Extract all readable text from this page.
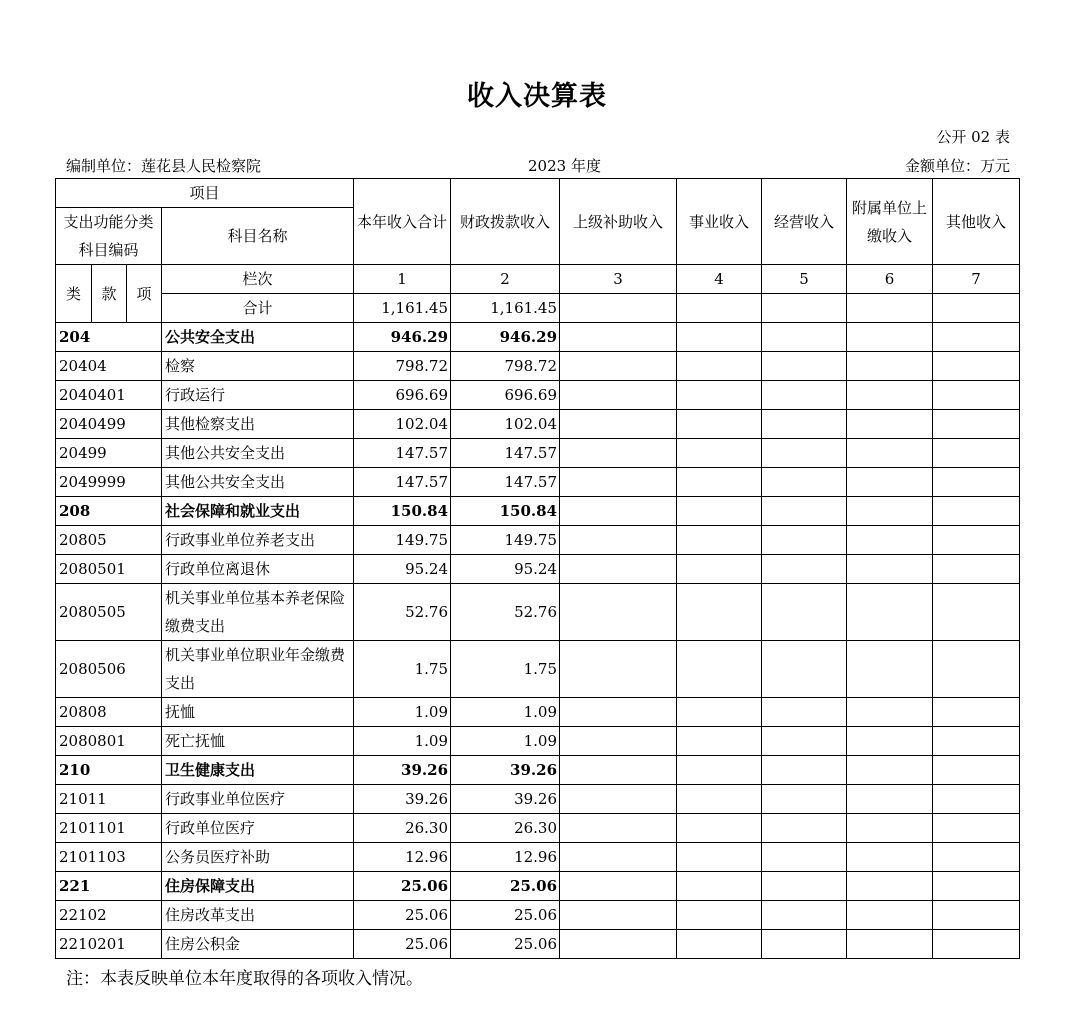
收入决算表
公开 02 表
编制单位：莲花县人民检察院	2023 年度	金额单位：万元
项目				本年收入合计	财政拨款收入	上级补助收入	事业收入	经营收入	附属单位上缴收入	其他收入
支出功能分类科目编码			科目名称							
类	款	项	栏次	1	2	3	4	5	6	7
			合计	1,161.45	1,161.45					
204			公共安全支出	946.29	946.29					
20404			检察	798.72	798.72					
2040401			行政运行	696.69	696.69					
2040499			其他检察支出	102.04	102.04					
20499			其他公共安全支出	147.57	147.57					
2049999			其他公共安全支出	147.57	147.57					
208			社会保障和就业支出	150.84	150.84					
20805			行政事业单位养老支出	149.75	149.75					
2080501			行政单位离退休	95.24	95.24					
2080505			机关事业单位基本养老保险缴费支出	52.76	52.76					
2080506			机关事业单位职业年金缴费支出	1.75	1.75					
20808			抚恤	1.09	1.09					
2080801			死亡抚恤	1.09	1.09					
210			卫生健康支出	39.26	39.26					
21011			行政事业单位医疗	39.26	39.26					
2101101			行政单位医疗	26.30	26.30					
2101103			公务员医疗补助	12.96	12.96					
221			住房保障支出	25.06	25.06					
22102			住房改革支出	25.06	25.06					
2210201			住房公积金	25.06	25.06					
注：本表反映单位本年度取得的各项收入情况。
